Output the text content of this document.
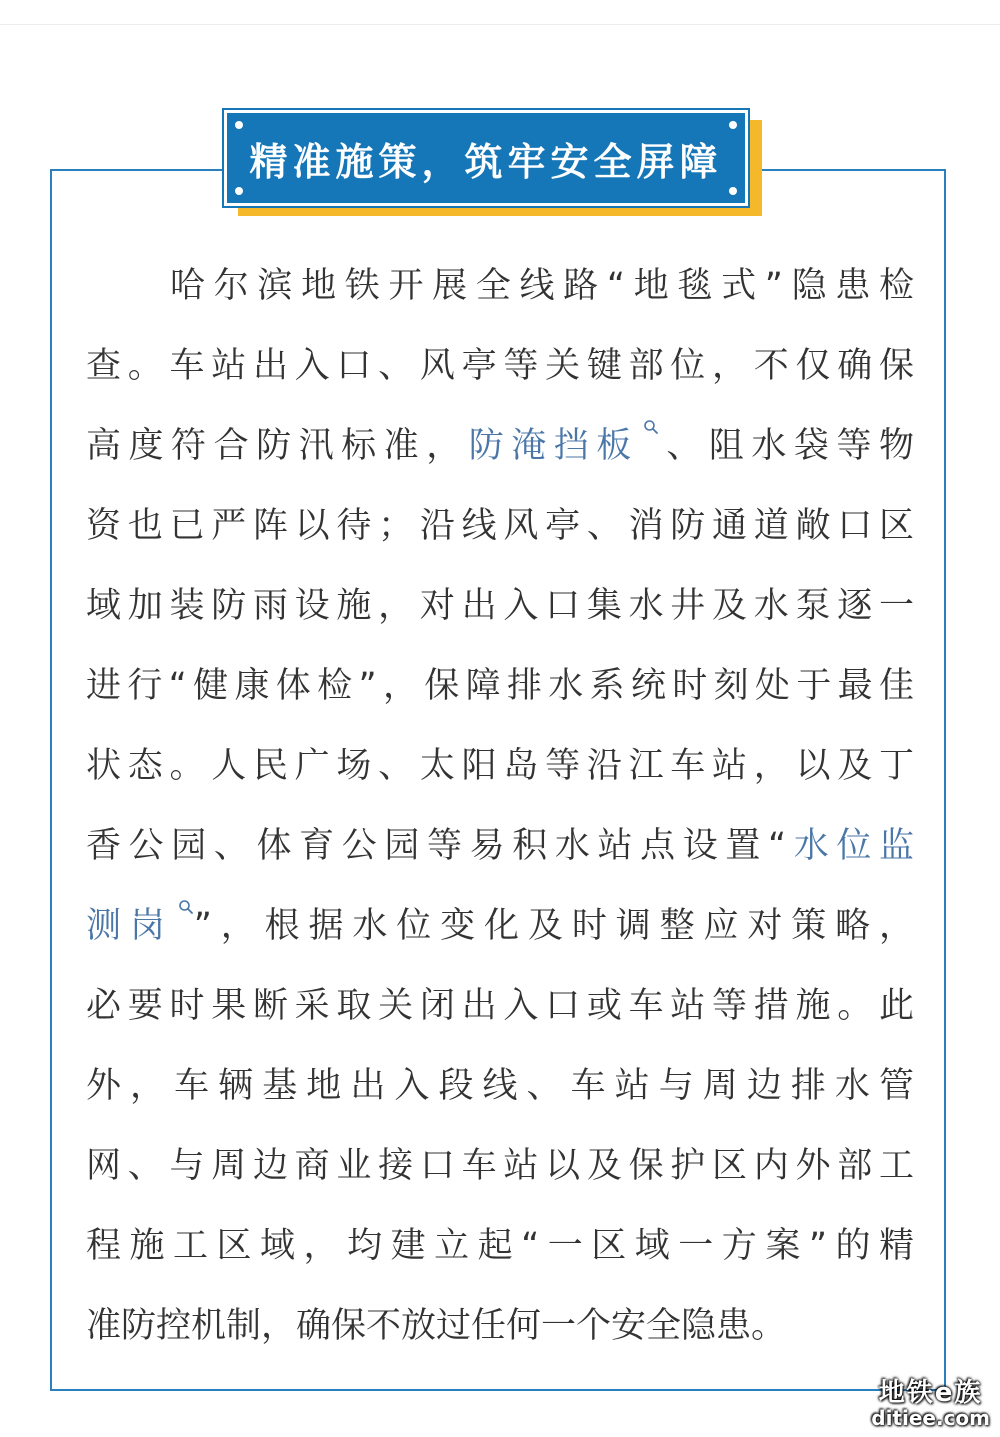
精准施策，筑牢安全屏障
哈尔滨地铁开展全线路“地毯式”隐患检
查。车站出入口、风亭等关键部位，不仅确保
高度符合防汛标准，防淹挡板 、阻水袋等物
资也已严阵以待；沿线风亭、消防通道敞口区
域加装防雨设施，对出入口集水井及水泵逐一
进行“健康体检”，保障排水系统时刻处于最佳
状态。人民广场、太阳岛等沿江车站，以及丁
香公园、体育公园等易积水站点设置“水位监
测岗 ”，根据水位变化及时调整应对策略，
必要时果断采取关闭出入口或车站等措施。此
外，车辆基地出入段线、车站与周边排水管
网、与周边商业接口车站以及保护区内外部工
程施工区域，均建立起“一区域一方案”的精
准防控机制，确保不放过任何一个安全隐患。
地铁e族
ditiee.com
